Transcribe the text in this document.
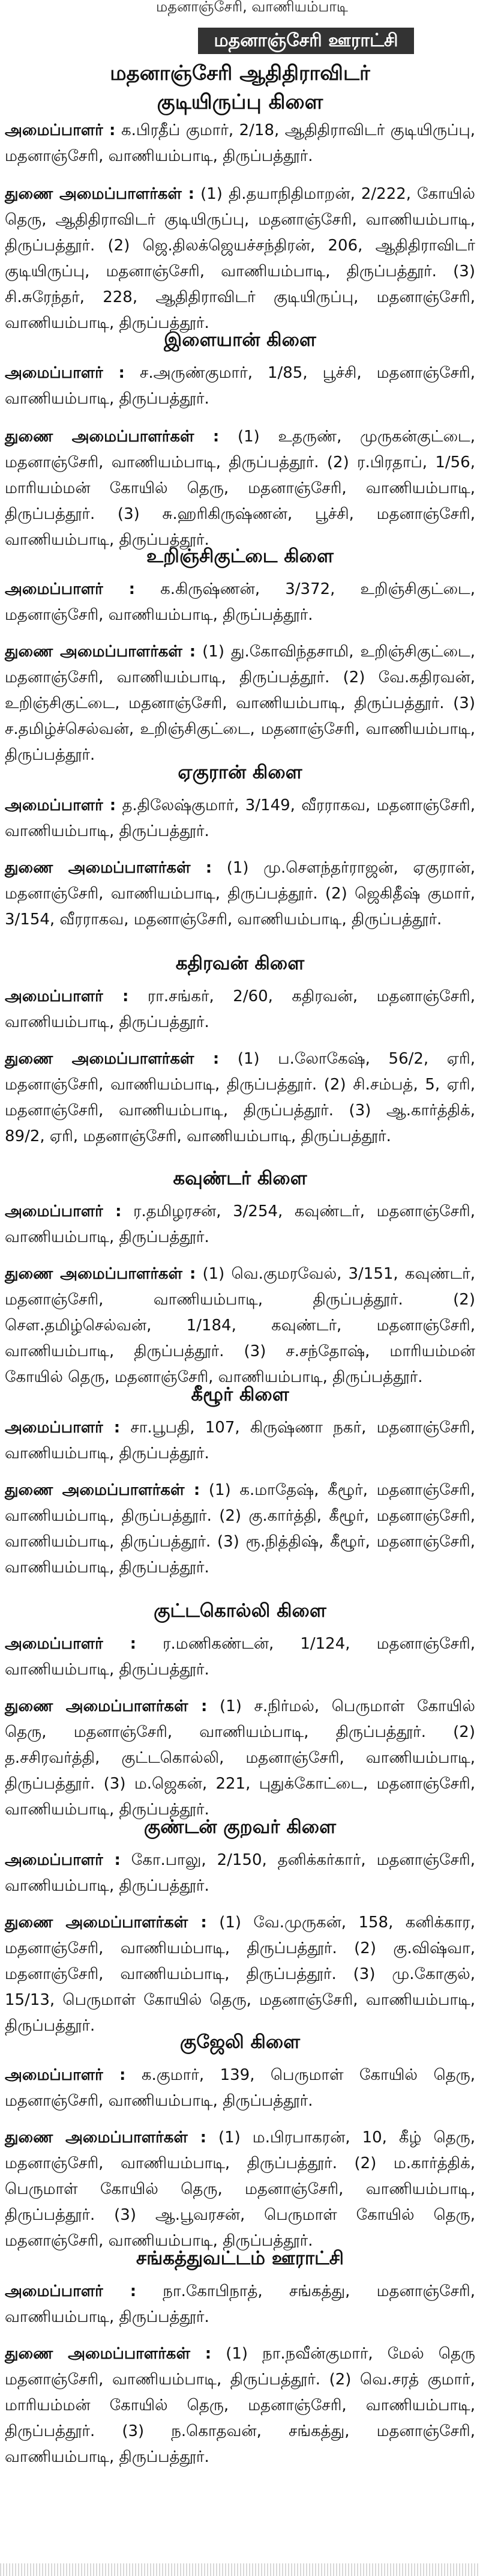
மதனாஞ்சேரி, வாணியம்பாடி
மதனாஞ்சேரி ஊராட்சி
மதனாஞ்சேரி ஆதிதிராவிடர்
குடியிருப்பு கிளை
அமைப்பாளர் : க.பிரதீப் குமார், 2/18, ஆதிதிராவிடர் குடியிருப்பு, மதனாஞ்சேரி, வாணியம்பாடி, திருப்பத்தூர்.
துணை அமைப்பாளர்கள் : (1) தி.தயாநிதிமாறன், 2/222, கோயில் தெரு, ஆதிதிராவிடர் குடியிருப்பு, மதனாஞ்சேரி, வாணியம்பாடி, திருப்பத்தூர். (2) ஜெ.திலக்ஜெயச்சந்திரன், 206, ஆதிதிராவிடர் குடியிருப்பு, மதனாஞ்சேரி, வாணியம்பாடி, திருப்பத்தூர். (3) சி.சுரேந்தர், 228, ஆதிதிராவிடர் குடியிருப்பு, மதனாஞ்சேரி, வாணியம்பாடி, திருப்பத்தூர்.
இளையான் கிளை
அமைப்பாளர் : ச.அருண்குமார், 1/85, பூச்சி, மதனாஞ்சேரி, வாணியம்பாடி, திருப்பத்தூர்.
துணை அமைப்பாளர்கள் : (1) உதருண், முருகன்குட்டை, மதனாஞ்சேரி, வாணியம்பாடி, திருப்பத்தூர். (2) ர.பிரதாப், 1/56, மாரியம்மன் கோயில் தெரு, மதனாஞ்சேரி, வாணியம்பாடி, திருப்பத்தூர். (3) சு.ஹரிகிருஷ்ணன், பூச்சி, மதனாஞ்சேரி, வாணியம்பாடி, திருப்பத்தூர்.
உறிஞ்சிகுட்டை கிளை
அமைப்பாளர் : க.கிருஷ்ணன், 3/372, உறிஞ்சிகுட்டை, மதனாஞ்சேரி, வாணியம்பாடி, திருப்பத்தூர்.
துணை அமைப்பாளர்கள் : (1) து.கோவிந்தசாமி, உறிஞ்சிகுட்டை, மதனாஞ்சேரி, வாணியம்பாடி, திருப்பத்தூர். (2) வே.கதிரவன், உறிஞ்சிகுட்டை, மதனாஞ்சேரி, வாணியம்பாடி, திருப்பத்தூர். (3) ச.தமிழ்ச்செல்வன், உறிஞ்சிகுட்டை, மதனாஞ்சேரி, வாணியம்பாடி, திருப்பத்தூர்.
ஏகுரான் கிளை
அமைப்பாளர் : த.திலேஷ்குமார், 3/149, வீரராகவ, மதனாஞ்சேரி, வாணியம்பாடி, திருப்பத்தூர்.
துணை அமைப்பாளர்கள் : (1) மு.சௌந்தர்ராஜன், ஏகுரான், மதனாஞ்சேரி, வாணியம்பாடி, திருப்பத்தூர். (2) ஜெகிதீஷ் குமார், 3/154, வீரராகவ, மதனாஞ்சேரி, வாணியம்பாடி, திருப்பத்தூர்.
கதிரவன் கிளை
அமைப்பாளர் : ரா.சங்கர், 2/60, கதிரவன், மதனாஞ்சேரி, வாணியம்பாடி, திருப்பத்தூர்.
துணை அமைப்பாளர்கள் : (1) ப.லோகேஷ், 56/2, ஏரி, மதனாஞ்சேரி, வாணியம்பாடி, திருப்பத்தூர். (2) சி.சம்பத், 5, ஏரி, மதனாஞ்சேரி, வாணியம்பாடி, திருப்பத்தூர். (3) ஆ.கார்த்திக், 89/2, ஏரி, மதனாஞ்சேரி, வாணியம்பாடி, திருப்பத்தூர்.
கவுண்டர் கிளை
அமைப்பாளர் : ர.தமிழரசன், 3/254, கவுண்டர், மதனாஞ்சேரி, வாணியம்பாடி, திருப்பத்தூர்.
துணை அமைப்பாளர்கள் : (1) வெ.குமரவேல், 3/151, கவுண்டர், மதனாஞ்சேரி, வாணியம்பாடி, திருப்பத்தூர். (2) செள.தமிழ்செல்வன், 1/184, கவுண்டர், மதனாஞ்சேரி, வாணியம்பாடி, திருப்பத்தூர். (3) ச.சந்தோஷ், மாரியம்மன் கோயில் தெரு, மதனாஞ்சேரி, வாணியம்பாடி, திருப்பத்தூர்.
கீழூர் கிளை
அமைப்பாளர் : சா.பூபதி, 107, கிருஷ்ணா நகர், மதனாஞ்சேரி, வாணியம்பாடி, திருப்பத்தூர்.
துணை அமைப்பாளர்கள் : (1) க.மாதேஷ், கீழூர், மதனாஞ்சேரி, வாணியம்பாடி, திருப்பத்தூர். (2) கு.கார்த்தி, கீழூர், மதனாஞ்சேரி, வாணியம்பாடி, திருப்பத்தூர். (3) ரூ.நித்திஷ், கீழூர், மதனாஞ்சேரி, வாணியம்பாடி, திருப்பத்தூர்.
குட்டகொல்லி கிளை
அமைப்பாளர் : ர.மணிகண்டன், 1/124, மதனாஞ்சேரி, வாணியம்பாடி, திருப்பத்தூர்.
துணை அமைப்பாளர்கள் : (1) ச.நிர்மல், பெருமாள் கோயில் தெரு, மதனாஞ்சேரி, வாணியம்பாடி, திருப்பத்தூர். (2) த.சசிரவர்த்தி, குட்டகொல்லி, மதனாஞ்சேரி, வாணியம்பாடி, திருப்பத்தூர். (3) ம.ஜெகன், 221, புதுக்கோட்டை, மதனாஞ்சேரி, வாணியம்பாடி, திருப்பத்தூர்.
குண்டன் குறவர் கிளை
அமைப்பாளர் : கோ.பாலு, 2/150, தனிக்கர்கார், மதனாஞ்சேரி, வாணியம்பாடி, திருப்பத்தூர்.
துணை அமைப்பாளர்கள் : (1) வே.முருகன், 158, கனிக்கார, மதனாஞ்சேரி, வாணியம்பாடி, திருப்பத்தூர். (2) கு.விஷ்வா, மதனாஞ்சேரி, வாணியம்பாடி, திருப்பத்தூர். (3) மு.கோகுல், 15/13, பெருமாள் கோயில் தெரு, மதனாஞ்சேரி, வாணியம்பாடி, திருப்பத்தூர்.
குஜேலி கிளை
அமைப்பாளர் : க.குமார், 139, பெருமாள் கோயில் தெரு, மதனாஞ்சேரி, வாணியம்பாடி, திருப்பத்தூர்.
துணை அமைப்பாளர்கள் : (1) ம.பிரபாகரன், 10, கீழ் தெரு, மதனாஞ்சேரி, வாணியம்பாடி, திருப்பத்தூர். (2) ம.கார்த்திக், பெருமாள் கோயில் தெரு, மதனாஞ்சேரி, வாணியம்பாடி, திருப்பத்தூர். (3) ஆ.பூவரசன், பெருமாள் கோயில் தெரு, மதனாஞ்சேரி, வாணியம்பாடி, திருப்பத்தூர்.
சங்கத்துவட்டம் ஊராட்சி
அமைப்பாளர் : நா.கோபிநாத், சங்கத்து, மதனாஞ்சேரி, வாணியம்பாடி, திருப்பத்தூர்.
துணை அமைப்பாளர்கள் : (1) நா.நவீன்குமார், மேல் தெரு மதனாஞ்சேரி, வாணியம்பாடி, திருப்பத்தூர். (2) வெ.சரத் குமார், மாரியம்மன் கோயில் தெரு, மதனாஞ்சேரி, வாணியம்பாடி, திருப்பத்தூர். (3) ந.கொதவன், சங்கத்து, மதனாஞ்சேரி, வாணியம்பாடி, திருப்பத்தூர்.
